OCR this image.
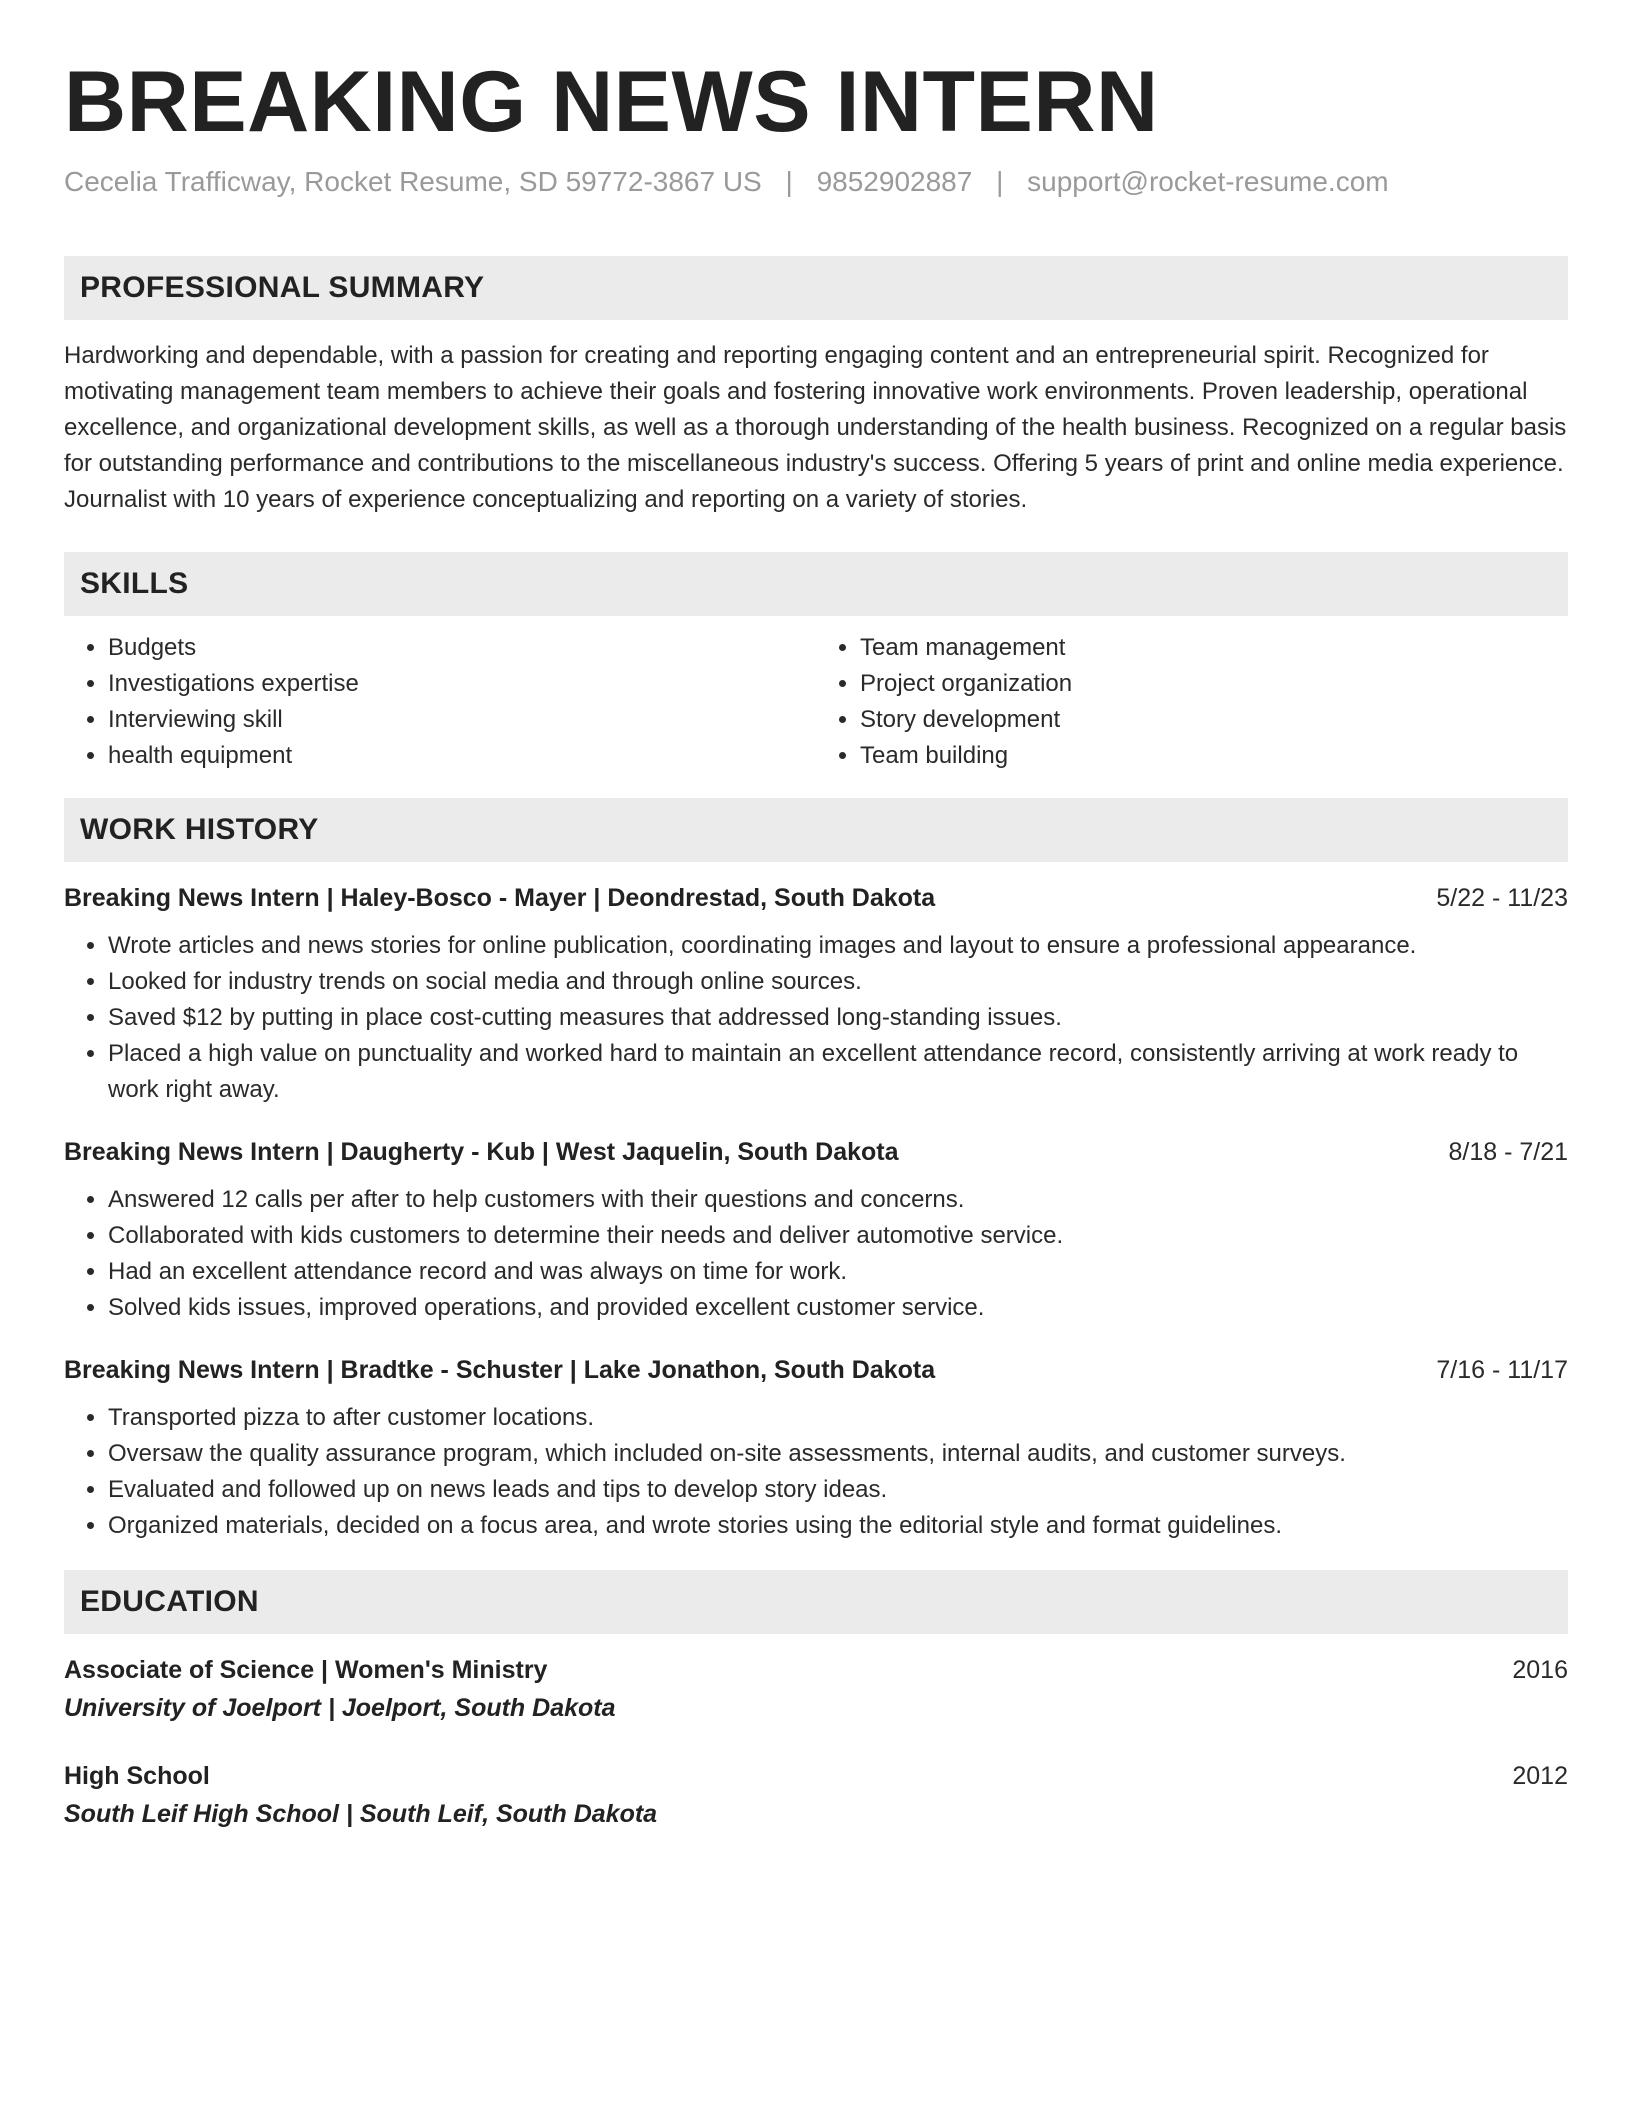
BREAKING NEWS INTERN
Cecelia Trafficway, Rocket Resume, SD 59772-3867 US | 9852902887 | support@rocket-resume.com
PROFESSIONAL SUMMARY

Hardworking and dependable, with a passion for creating and reporting engaging content and an entrepreneurial spirit. Recognized for motivating management team members to achieve their goals and fostering innovative work environments. Proven leadership, operational excellence, and organizational development skills, as well as a thorough understanding of the health business. Recognized on a regular basis for outstanding performance and contributions to the miscellaneous industry's success. Offering 5 years of print and online media experience. Journalist with 10 years of experience conceptualizing and reporting on a variety of stories.

SKILLS
• Budgets
• Investigations expertise
• Interviewing skill
• health equipment
• Team management
• Project organization
• Story development
• Team building
WORK HISTORY
Breaking News Intern | Haley-Bosco - Mayer | Deondrestad, South Dakota	5/22 - 11/23
• Wrote articles and news stories for online publication, coordinating images and layout to ensure a professional appearance.
• Looked for industry trends on social media and through online sources.
• Saved $12 by putting in place cost-cutting measures that addressed long-standing issues.
• Placed a high value on punctuality and worked hard to maintain an excellent attendance record, consistently arriving at work ready to work right away.
Breaking News Intern | Daugherty - Kub | West Jaquelin, South Dakota	8/18 - 7/21
• Answered 12 calls per after to help customers with their questions and concerns.
• Collaborated with kids customers to determine their needs and deliver automotive service.
• Had an excellent attendance record and was always on time for work.
• Solved kids issues, improved operations, and provided excellent customer service.
Breaking News Intern | Bradtke - Schuster | Lake Jonathon, South Dakota	7/16 - 11/17
• Transported pizza to after customer locations.
• Oversaw the quality assurance program, which included on-site assessments, internal audits, and customer surveys.
• Evaluated and followed up on news leads and tips to develop story ideas.
• Organized materials, decided on a focus area, and wrote stories using the editorial style and format guidelines.
EDUCATION
Associate of Science | Women's Ministry	2016
University of Joelport | Joelport, South Dakota
High School	2012
South Leif High School | South Leif, South Dakota
